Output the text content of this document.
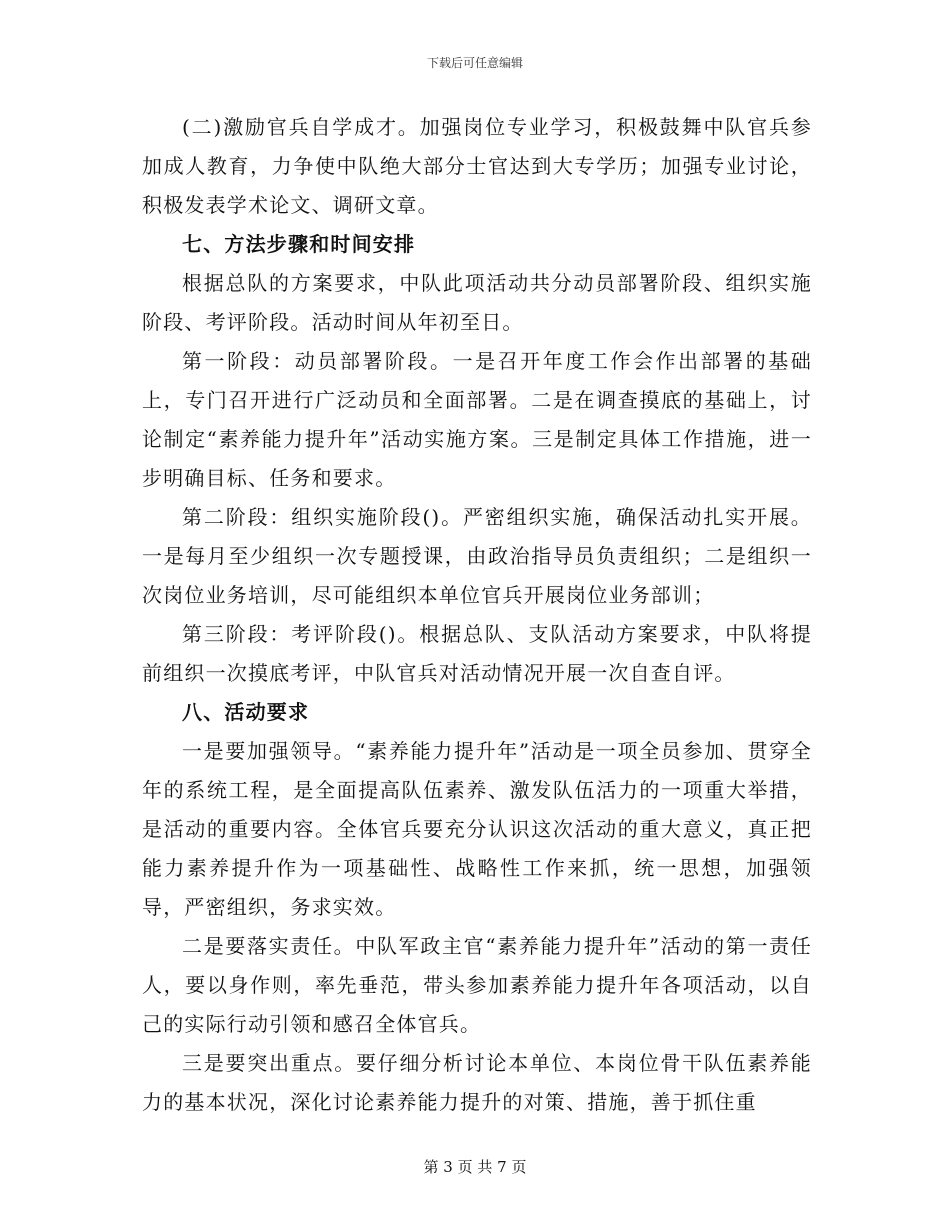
下载后可任意编辑

(二)激励官兵自学成才。加强岗位专业学习，积极鼓舞中队官兵参加成人教育，力争使中队绝大部分士官达到大专学历；加强专业讨论，积极发表学术论文、调研文章。

七、方法步骤和时间安排

根据总队的方案要求，中队此项活动共分动员部署阶段、组织实施阶段、考评阶段。活动时间从年初至日。

第一阶段：动员部署阶段。一是召开年度工作会作出部署的基础上，专门召开进行广泛动员和全面部署。二是在调查摸底的基础上，讨论制定“素养能力提升年”活动实施方案。三是制定具体工作措施，进一步明确目标、任务和要求。

第二阶段：组织实施阶段()。严密组织实施，确保活动扎实开展。一是每月至少组织一次专题授课，由政治指导员负责组织；二是组织一次岗位业务培训，尽可能组织本单位官兵开展岗位业务部训；

第三阶段：考评阶段()。根据总队、支队活动方案要求，中队将提前组织一次摸底考评，中队官兵对活动情况开展一次自查自评。

八、活动要求

一是要加强领导。“素养能力提升年”活动是一项全员参加、贯穿全年的系统工程，是全面提高队伍素养、激发队伍活力的一项重大举措，是活动的重要内容。全体官兵要充分认识这次活动的重大意义，真正把能力素养提升作为一项基础性、战略性工作来抓，统一思想，加强领导，严密组织，务求实效。

二是要落实责任。中队军政主官“素养能力提升年”活动的第一责任人，要以身作则，率先垂范，带头参加素养能力提升年各项活动，以自己的实际行动引领和感召全体官兵。

三是要突出重点。要仔细分析讨论本单位、本岗位骨干队伍素养能力的基本状况，深化讨论素养能力提升的对策、措施，善于抓住重

第 3 页 共 7 页
